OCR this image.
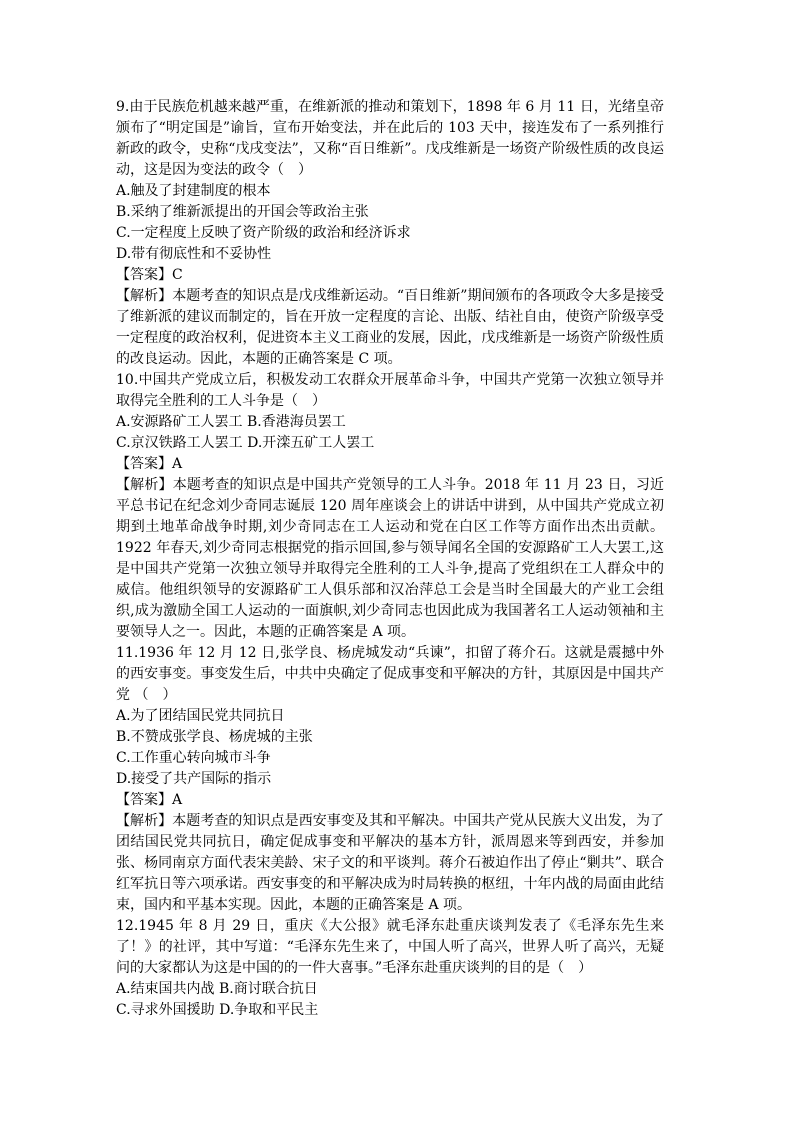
9.由于民族危机越来越严重，在维新派的推动和策划下，1898 年 6 月 11 日，光绪皇帝颁布了“明定国是”谕旨，宣布开始变法，并在此后的 103 天中，接连发布了一系列推行新政的政令，史称“戊戌变法”，又称“百日维新”。戊戌维新是一场资产阶级性质的改良运动，这是因为变法的政令（　）

A.触及了封建制度的根本

B.采纳了维新派提出的开国会等政治主张

C.一定程度上反映了资产阶级的政治和经济诉求

D.带有彻底性和不妥协性

【答案】C

【解析】本题考查的知识点是戊戌维新运动。“百日维新”期间颁布的各项政令大多是接受了维新派的建议而制定的，旨在开放一定程度的言论、出版、结社自由，使资产阶级享受一定程度的政治权利，促进资本主义工商业的发展，因此，戊戌维新是一场资产阶级性质的改良运动。因此，本题的正确答案是 C 项。

10.中国共产党成立后，积极发动工农群众开展革命斗争，中国共产党第一次独立领导并取得完全胜利的工人斗争是（　）

A.安源路矿工人罢工 B.香港海员罢工

C.京汉铁路工人罢工 D.开滦五矿工人罢工

【答案】A

【解析】本题考查的知识点是中国共产党领导的工人斗争。2018 年 11 月 23 日，习近平总书记在纪念刘少奇同志诞辰 120 周年座谈会上的讲话中讲到，从中国共产党成立初期到土地革命战争时期,刘少奇同志在工人运动和党在白区工作等方面作出杰出贡献。1922 年春天,刘少奇同志根据党的指示回国,参与领导闻名全国的安源路矿工人大罢工,这是中国共产党第一次独立领导并取得完全胜利的工人斗争,提高了党组织在工人群众中的威信。他组织领导的安源路矿工人俱乐部和汉冶萍总工会是当时全国最大的产业工会组织,成为激励全国工人运动的一面旗帜,刘少奇同志也因此成为我国著名工人运动领袖和主要领导人之一。因此，本题的正确答案是 A 项。

11.1936 年 12 月 12 日,张学良、杨虎城发动“兵谏”，扣留了蒋介石。这就是震撼中外的西安事变。事变发生后，中共中央确定了促成事变和平解决的方针，其原因是中国共产党 （　）

A.为了团结国民党共同抗日

B.不赞成张学良、杨虎城的主张

C.工作重心转向城市斗争

D.接受了共产国际的指示

【答案】A

【解析】本题考查的知识点是西安事变及其和平解决。中国共产党从民族大义出发，为了团结国民党共同抗日，确定促成事变和平解决的基本方针，派周恩来等到西安，并参加张、杨同南京方面代表宋美龄、宋子文的和平谈判。蒋介石被迫作出了停止“剿共”、联合红军抗日等六项承诺。西安事变的和平解决成为时局转换的枢纽，十年内战的局面由此结束，国内和平基本实现。因此，本题的正确答案是 A 项。

12.1945 年 8 月 29 日，重庆《大公报》就毛泽东赴重庆谈判发表了《毛泽东先生来了！》的社评，其中写道：“毛泽东先生来了，中国人听了高兴，世界人听了高兴，无疑问的大家都认为这是中国的的一件大喜事。”毛泽东赴重庆谈判的目的是（　）

A.结束国共内战 B.商讨联合抗日

C.寻求外国援助 D.争取和平民主
